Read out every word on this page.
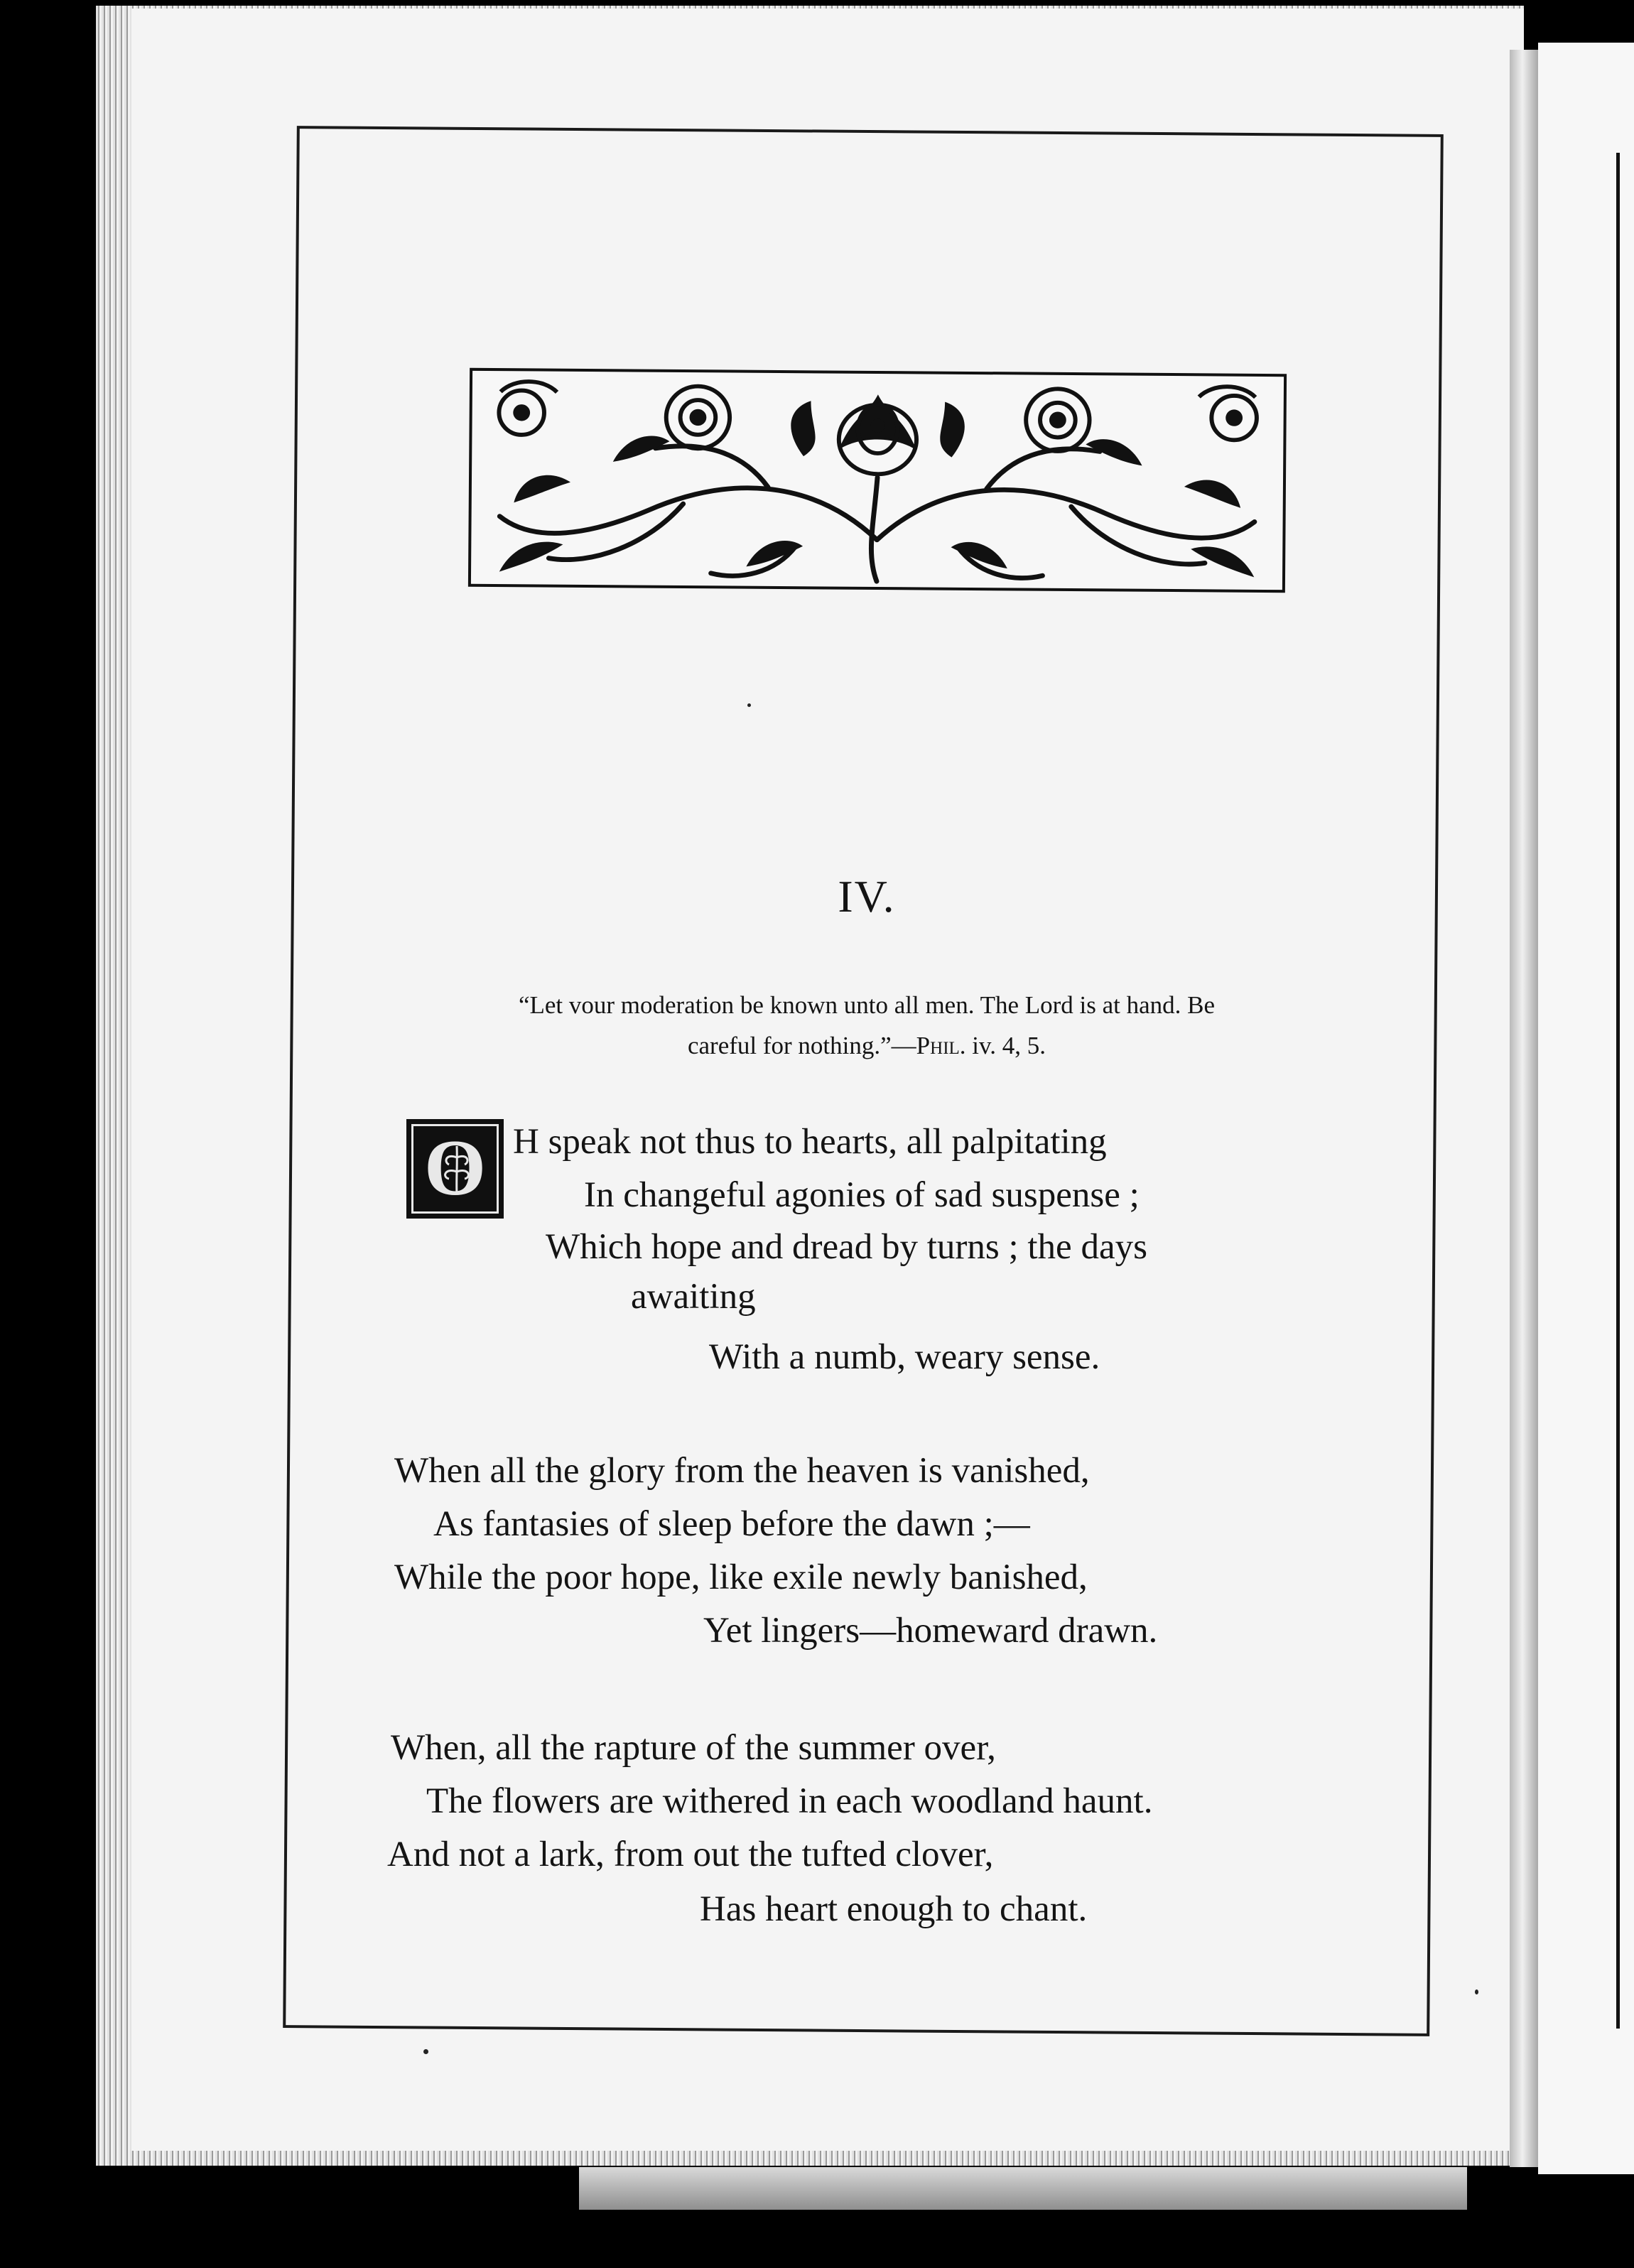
IV.
“Let vour moderation be known unto all men. The Lord is at hand. Be
careful for nothing.”—Phil. iv. 4, 5.
O H speak not thus to hearts, all palpitating
In changeful agonies of sad suspense ;
Which hope and dread by turns ; the days
awaiting
With a numb, weary sense.
When all the glory from the heaven is vanished,
As fantasies of sleep before the dawn ;—
While the poor hope, like exile newly banished,
Yet lingers—homeward drawn.
When, all the rapture of the summer over,
The flowers are withered in each woodland haunt.
And not a lark, from out the tufted clover,
Has heart enough to chant.
